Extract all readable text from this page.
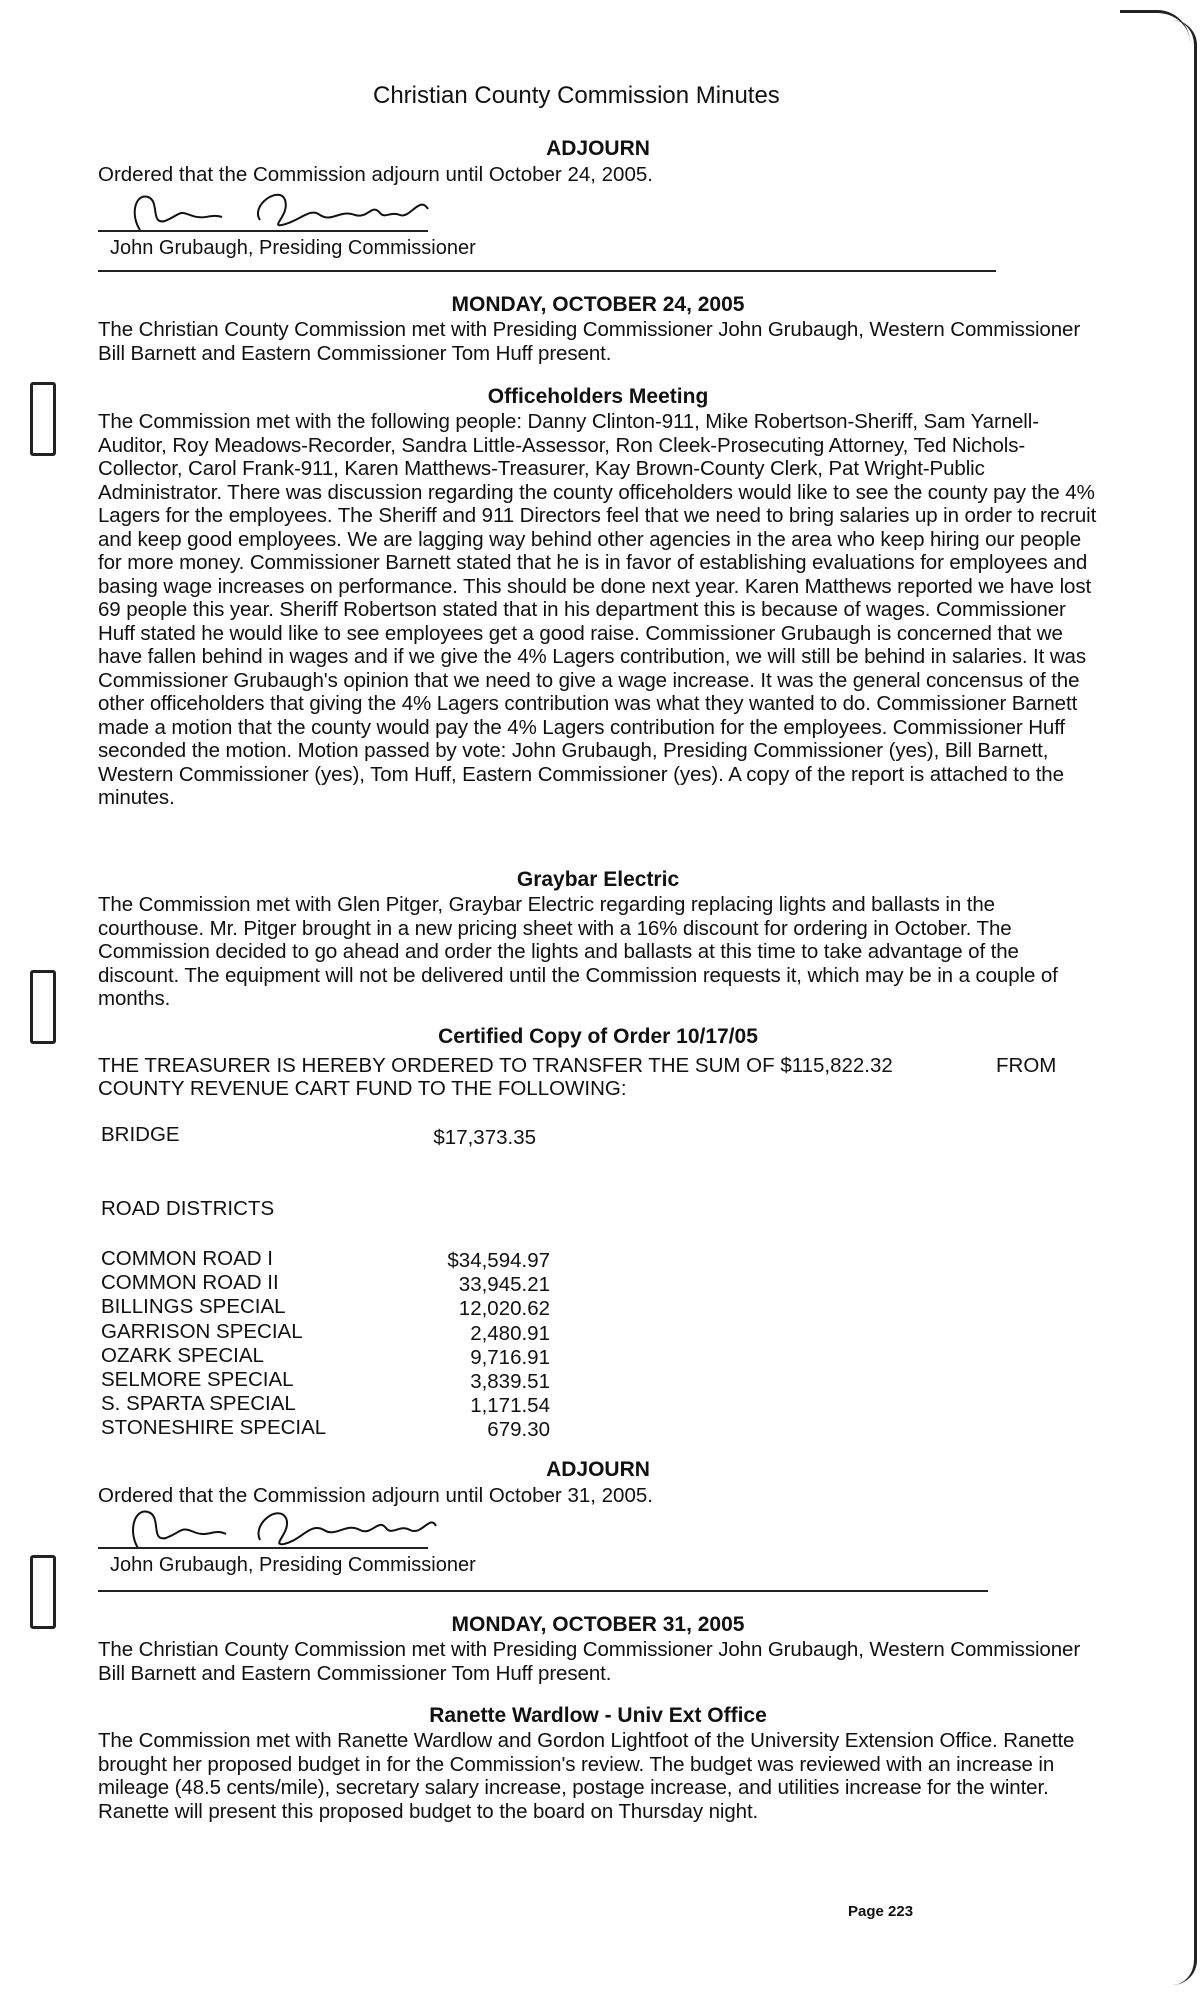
Christian County Commission Minutes
ADJOURN
Ordered that the Commission adjourn until October 24, 2005.
John Grubaugh, Presiding Commissioner
MONDAY, OCTOBER 24, 2005
The Christian County Commission met with Presiding Commissioner John Grubaugh, Western Commissioner Bill Barnett and Eastern Commissioner Tom Huff present.
Officeholders Meeting
The Commission met with the following people: Danny Clinton-911, Mike Robertson-Sheriff, Sam Yarnell-Auditor, Roy Meadows-Recorder, Sandra Little-Assessor, Ron Cleek-Prosecuting Attorney, Ted Nichols-Collector, Carol Frank-911, Karen Matthews-Treasurer, Kay Brown-County Clerk, Pat Wright-Public Administrator. There was discussion regarding the county officeholders would like to see the county pay the 4% Lagers for the employees. The Sheriff and 911 Directors feel that we need to bring salaries up in order to recruit and keep good employees. We are lagging way behind other agencies in the area who keep hiring our people for more money. Commissioner Barnett stated that he is in favor of establishing evaluations for employees and basing wage increases on performance. This should be done next year. Karen Matthews reported we have lost 69 people this year. Sheriff Robertson stated that in his department this is because of wages. Commissioner Huff stated he would like to see employees get a good raise. Commissioner Grubaugh is concerned that we have fallen behind in wages and if we give the 4% Lagers contribution, we will still be behind in salaries. It was Commissioner Grubaugh's opinion that we need to give a wage increase. It was the general concensus of the other officeholders that giving the 4% Lagers contribution was what they wanted to do. Commissioner Barnett made a motion that the county would pay the 4% Lagers contribution for the employees. Commissioner Huff seconded the motion. Motion passed by vote: John Grubaugh, Presiding Commissioner (yes), Bill Barnett, Western Commissioner (yes), Tom Huff, Eastern Commissioner (yes). A copy of the report is attached to the minutes.
Graybar Electric
The Commission met with Glen Pitger, Graybar Electric regarding replacing lights and ballasts in the courthouse. Mr. Pitger brought in a new pricing sheet with a 16% discount for ordering in October. The Commission decided to go ahead and order the lights and ballasts at this time to take advantage of the discount. The equipment will not be delivered until the Commission requests it, which may be in a couple of months.
Certified Copy of Order 10/17/05
THE TREASURER IS HEREBY ORDERED TO TRANSFER THE SUM OF $115,822.32	FROM
COUNTY REVENUE CART FUND TO THE FOLLOWING:
BRIDGE	$17,373.35
ROAD DISTRICTS
COMMON ROAD I	$34,594.97
COMMON ROAD II	33,945.21
BILLINGS SPECIAL	12,020.62
GARRISON SPECIAL	2,480.91
OZARK SPECIAL	9,716.91
SELMORE SPECIAL	3,839.51
S. SPARTA SPECIAL	1,171.54
STONESHIRE SPECIAL	679.30
ADJOURN
Ordered that the Commission adjourn until October 31, 2005.
John Grubaugh, Presiding Commissioner
MONDAY, OCTOBER 31, 2005
The Christian County Commission met with Presiding Commissioner John Grubaugh, Western Commissioner Bill Barnett and Eastern Commissioner Tom Huff present.
Ranette Wardlow - Univ Ext Office
The Commission met with Ranette Wardlow and Gordon Lightfoot of the University Extension Office. Ranette brought her proposed budget in for the Commission's review. The budget was reviewed with an increase in mileage (48.5 cents/mile), secretary salary increase, postage increase, and utilities increase for the winter. Ranette will present this proposed budget to the board on Thursday night.
Page 223
